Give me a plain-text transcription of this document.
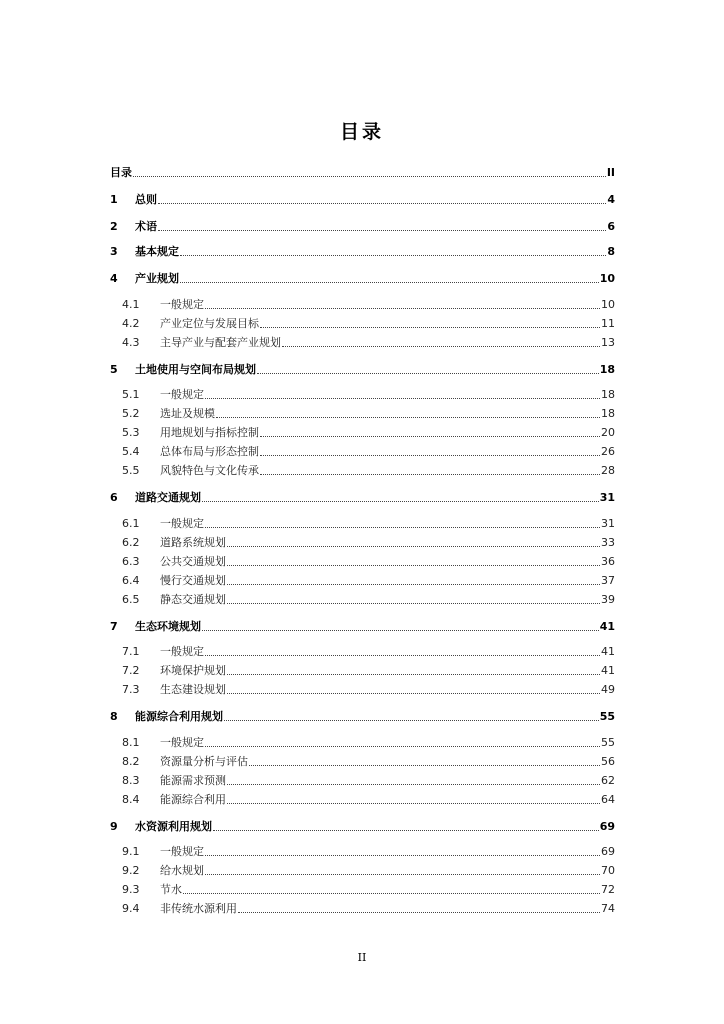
目录
目录	II
1	总则	4
2	术语	6
3	基本规定	8
4	产业规划	10
4.1	一般规定	10
4.2	产业定位与发展目标	11
4.3	主导产业与配套产业规划	13
5	土地使用与空间布局规划	18
5.1	一般规定	18
5.2	选址及规模	18
5.3	用地规划与指标控制	20
5.4	总体布局与形态控制	26
5.5	风貌特色与文化传承	28
6	道路交通规划	31
6.1	一般规定	31
6.2	道路系统规划	33
6.3	公共交通规划	36
6.4	慢行交通规划	37
6.5	静态交通规划	39
7	生态环境规划	41
7.1	一般规定	41
7.2	环境保护规划	41
7.3	生态建设规划	49
8	能源综合利用规划	55
8.1	一般规定	55
8.2	资源量分析与评估	56
8.3	能源需求预测	62
8.4	能源综合利用	64
9	水资源利用规划	69
9.1	一般规定	69
9.2	给水规划	70
9.3	节水	72
9.4	非传统水源利用	74
II
